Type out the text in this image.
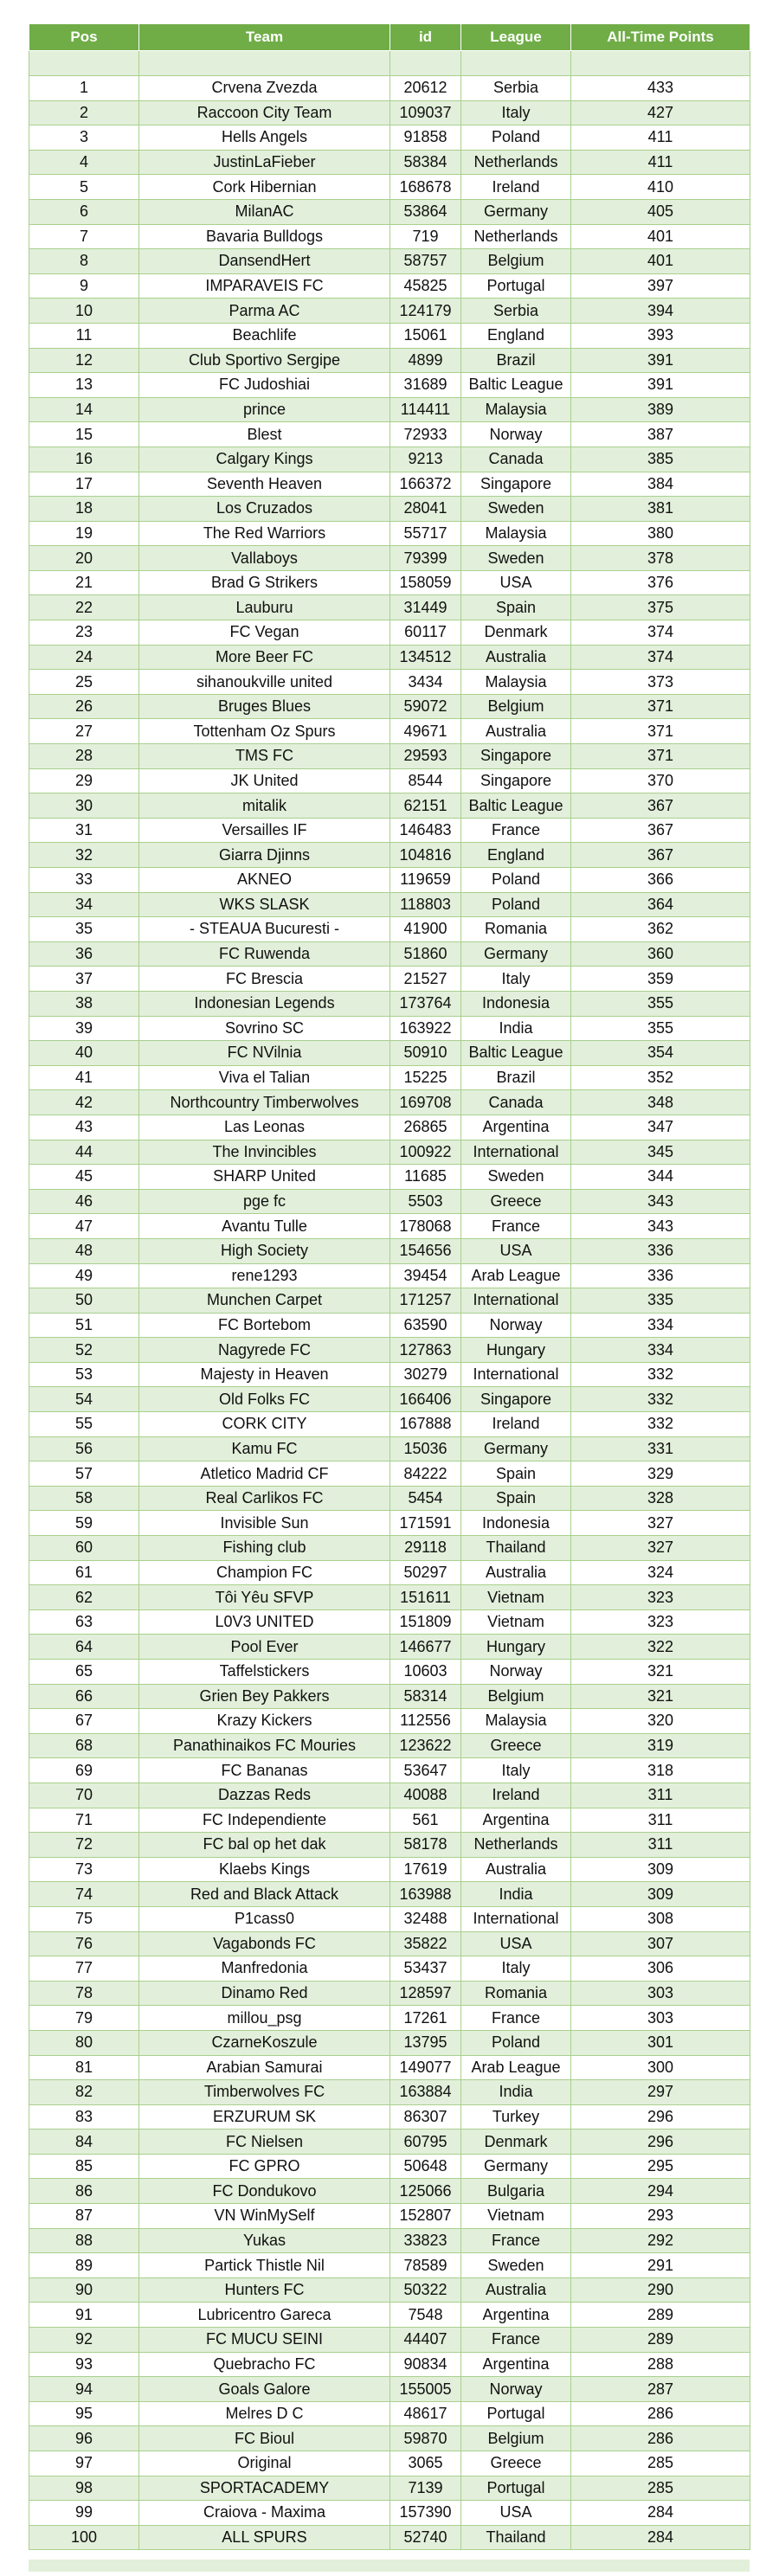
Pos	Team	id	League	All-Time Points

1	Crvena Zvezda	20612	Serbia	433
2	Raccoon City Team	109037	Italy	427
3	Hells Angels	91858	Poland	411
4	JustinLaFieber	58384	Netherlands	411
5	Cork Hibernian	168678	Ireland	410
6	MilanAC	53864	Germany	405
7	Bavaria Bulldogs	719	Netherlands	401
8	DansendHert	58757	Belgium	401
9	IMPARAVEIS FC	45825	Portugal	397
10	Parma AC	124179	Serbia	394
11	Beachlife	15061	England	393
12	Club Sportivo Sergipe	4899	Brazil	391
13	FC Judoshiai	31689	Baltic League	391
14	prince	114411	Malaysia	389
15	Blest	72933	Norway	387
16	Calgary Kings	9213	Canada	385
17	Seventh Heaven	166372	Singapore	384
18	Los Cruzados	28041	Sweden	381
19	The Red Warriors	55717	Malaysia	380
20	Vallaboys	79399	Sweden	378
21	Brad G Strikers	158059	USA	376
22	Lauburu	31449	Spain	375
23	FC Vegan	60117	Denmark	374
24	More Beer FC	134512	Australia	374
25	sihanoukville united	3434	Malaysia	373
26	Bruges Blues	59072	Belgium	371
27	Tottenham Oz Spurs	49671	Australia	371
28	TMS FC	29593	Singapore	371
29	JK United	8544	Singapore	370
30	mitalik	62151	Baltic League	367
31	Versailles IF	146483	France	367
32	Giarra Djinns	104816	England	367
33	AKNEO	119659	Poland	366
34	WKS SLASK	118803	Poland	364
35	- STEAUA Bucuresti -	41900	Romania	362
36	FC Ruwenda	51860	Germany	360
37	FC Brescia	21527	Italy	359
38	Indonesian Legends	173764	Indonesia	355
39	Sovrino SC	163922	India	355
40	FC NVilnia	50910	Baltic League	354
41	Viva el Talian	15225	Brazil	352
42	Northcountry Timberwolves	169708	Canada	348
43	Las Leonas	26865	Argentina	347
44	The Invincibles	100922	International	345
45	SHARP United	11685	Sweden	344
46	pge fc	5503	Greece	343
47	Avantu Tulle	178068	France	343
48	High Society	154656	USA	336
49	rene1293	39454	Arab League	336
50	Munchen Carpet	171257	International	335
51	FC Bortebom	63590	Norway	334
52	Nagyrede FC	127863	Hungary	334
53	Majesty in Heaven	30279	International	332
54	Old Folks FC	166406	Singapore	332
55	CORK CITY	167888	Ireland	332
56	Kamu FC	15036	Germany	331
57	Atletico Madrid CF	84222	Spain	329
58	Real Carlikos FC	5454	Spain	328
59	Invisible Sun	171591	Indonesia	327
60	Fishing club	29118	Thailand	327
61	Champion FC	50297	Australia	324
62	Tôi Yêu SFVP	151611	Vietnam	323
63	L0V3 UNITED	151809	Vietnam	323
64	Pool Ever	146677	Hungary	322
65	Taffelstickers	10603	Norway	321
66	Grien Bey Pakkers	58314	Belgium	321
67	Krazy Kickers	112556	Malaysia	320
68	Panathinaikos FC Mouries	123622	Greece	319
69	FC Bananas	53647	Italy	318
70	Dazzas Reds	40088	Ireland	311
71	FC Independiente	561	Argentina	311
72	FC bal op het dak	58178	Netherlands	311
73	Klaebs Kings	17619	Australia	309
74	Red and Black Attack	163988	India	309
75	P1cass0	32488	International	308
76	Vagabonds FC	35822	USA	307
77	Manfredonia	53437	Italy	306
78	Dinamo Red	128597	Romania	303
79	millou_psg	17261	France	303
80	CzarneKoszule	13795	Poland	301
81	Arabian Samurai	149077	Arab League	300
82	Timberwolves FC	163884	India	297
83	ERZURUM SK	86307	Turkey	296
84	FC Nielsen	60795	Denmark	296
85	FC GPRO	50648	Germany	295
86	FC Dondukovo	125066	Bulgaria	294
87	VN WinMySelf	152807	Vietnam	293
88	Yukas	33823	France	292
89	Partick Thistle Nil	78589	Sweden	291
90	Hunters FC	50322	Australia	290
91	Lubricentro Gareca	7548	Argentina	289
92	FC MUCU SEINI	44407	France	289
93	Quebracho FC	90834	Argentina	288
94	Goals Galore	155005	Norway	287
95	Melres D C	48617	Portugal	286
96	FC Bioul	59870	Belgium	286
97	Original	3065	Greece	285
98	SPORTACADEMY	7139	Portugal	285
99	Craiova - Maxima	157390	USA	284
100	ALL SPURS	52740	Thailand	284
